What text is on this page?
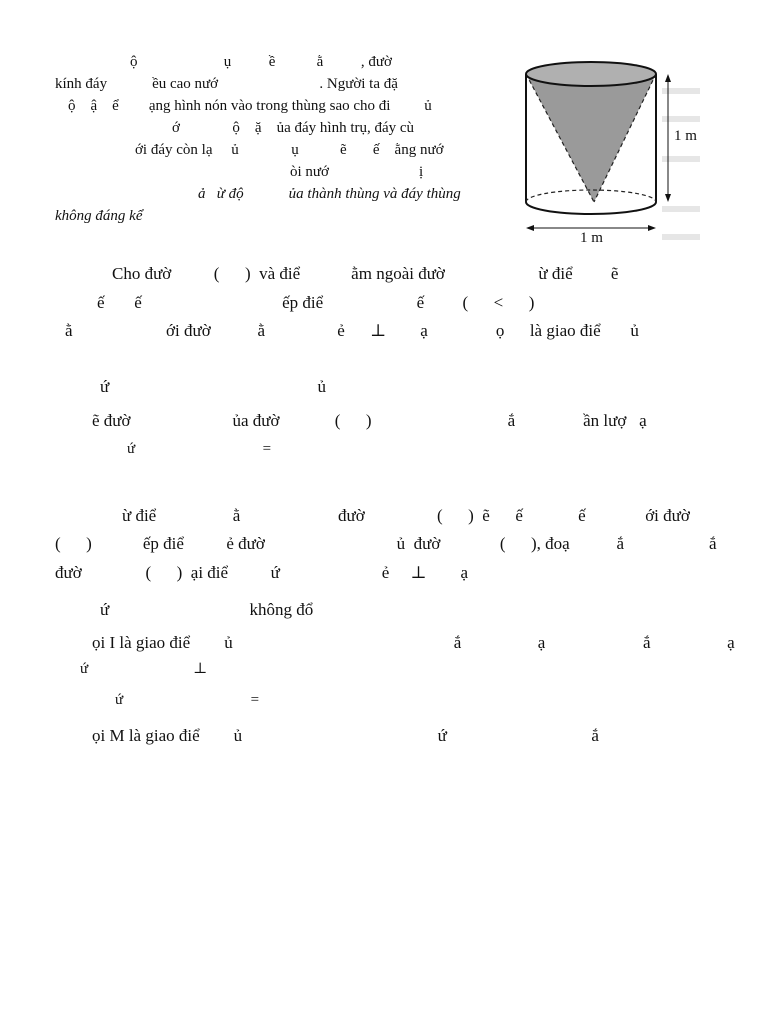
ộ                       ụ          ề           ằ          , đườ
kính đáy            ều cao nướ                           . Người ta đặ
ộ    ậ    ể        ạng hình nón vào trong thùng sao cho đi         ủ
ớ              ộ    ặ    ủa đáy hình trụ, đáy cù
ới đáy còn lạ     ủ              ụ           ẽ       ế    ằng nướ
òi nướ                        ị
ả   ừ độ            ủa thành thùng và đáy thùng
không đáng kể
1 m
1 m
Cho đườ          (      )  và điể            ằm ngoài đườ                      ừ điể         ẽ
ế       ế                                 ếp điể                      ế         (      <      )
ằ                      ới đườ           ằ                 ẻ      ⊥        ạ                ọ      là giao điể       ủ
ứ                                                 ủ
ẽ đườ                        ủa đườ             (      )                                ắ                ần lượ   ạ
ứ                                  =
ừ điể                  ằ                       đườ                 (      )  ẽ      ế             ế              ới đườ
(      )            ếp điể          ẻ đườ                               ủ  đườ              (      ), đoạ           ắ                    ắ
đườ               (      )  ại điể          ứ                        ẻ     ⊥        ạ
ứ                                 không đổ
ọi I là giao điể        ủ                                                    ắ                  ạ                       ắ                  ạ
ứ                            ⊥
ứ                                  =
ọi M là giao điể        ủ                                              ứ                                  ắ
